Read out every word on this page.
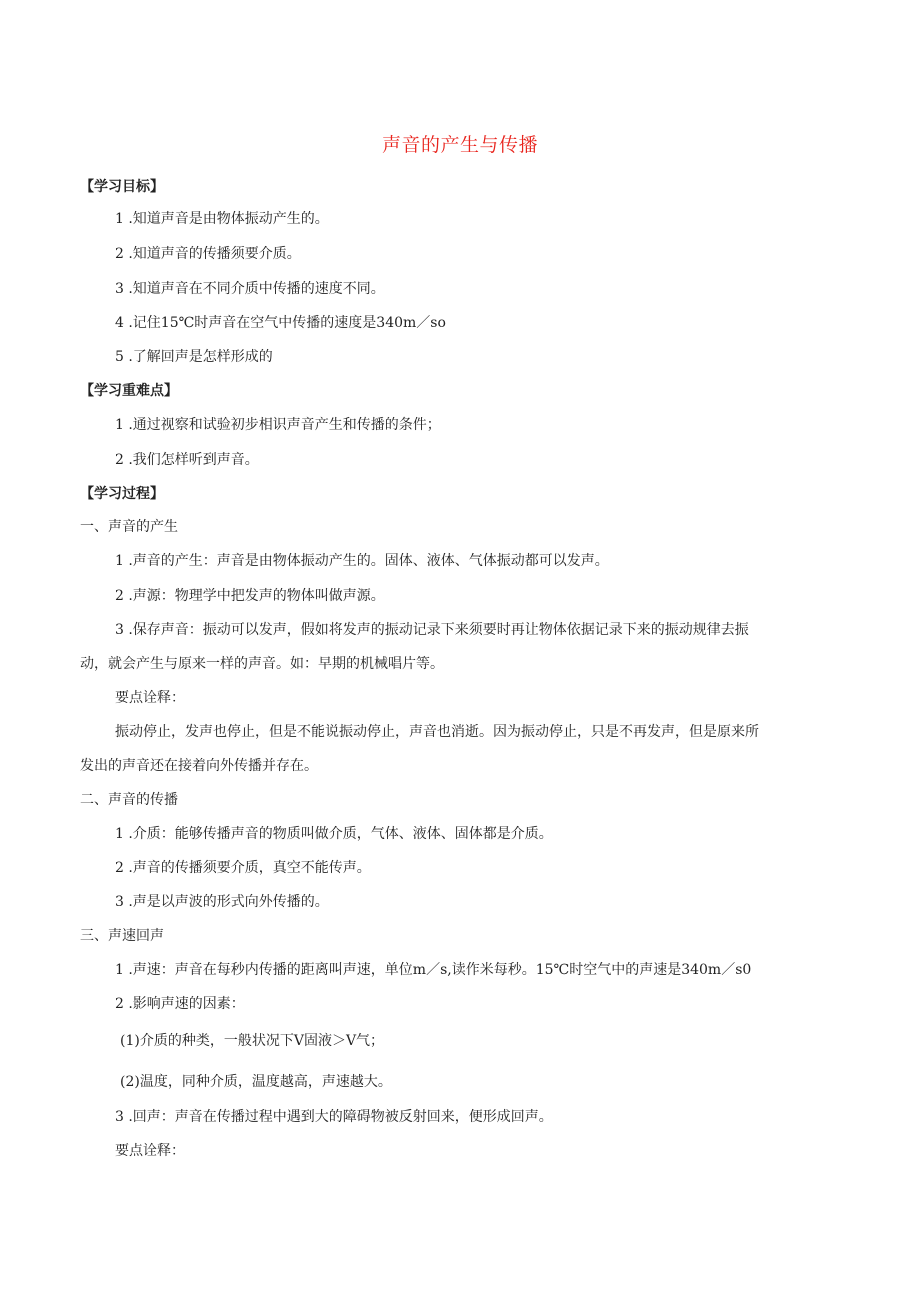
声音的产生与传播
【学习目标】
1 .知道声音是由物体振动产生的。
2 .知道声音的传播须要介质。
3 .知道声音在不同介质中传播的速度不同。
4 .记住15℃时声音在空气中传播的速度是340m／so
5 .了解回声是怎样形成的
【学习重难点】
1 .通过视察和试验初步相识声音产生和传播的条件；
2 .我们怎样听到声音。
【学习过程】
一、声音的产生
1 .声音的产生：声音是由物体振动产生的。固体、液体、气体振动都可以发声。
2 .声源：物理学中把发声的物体叫做声源。
3 .保存声音：振动可以发声，假如将发声的振动记录下来须要时再让物体依据记录下来的振动规律去振
动，就会产生与原来一样的声音。如：早期的机械唱片等。
要点诠释：
振动停止，发声也停止，但是不能说振动停止，声音也消逝。因为振动停止，只是不再发声，但是原来所
发出的声音还在接着向外传播并存在。
二、声音的传播
1 .介质：能够传播声音的物质叫做介质，气体、液体、固体都是介质。
2 .声音的传播须要介质，真空不能传声。
3 .声是以声波的形式向外传播的。
三、声速回声
1 .声速：声音在每秒内传播的距离叫声速，单位m／s,读作米每秒。15℃时空气中的声速是340m／s0
2 .影响声速的因素：
(1)介质的种类，一般状况下V固液＞V气；
(2)温度，同种介质，温度越高，声速越大。
3 .回声：声音在传播过程中遇到大的障碍物被反射回来，便形成回声。
要点诠释：
